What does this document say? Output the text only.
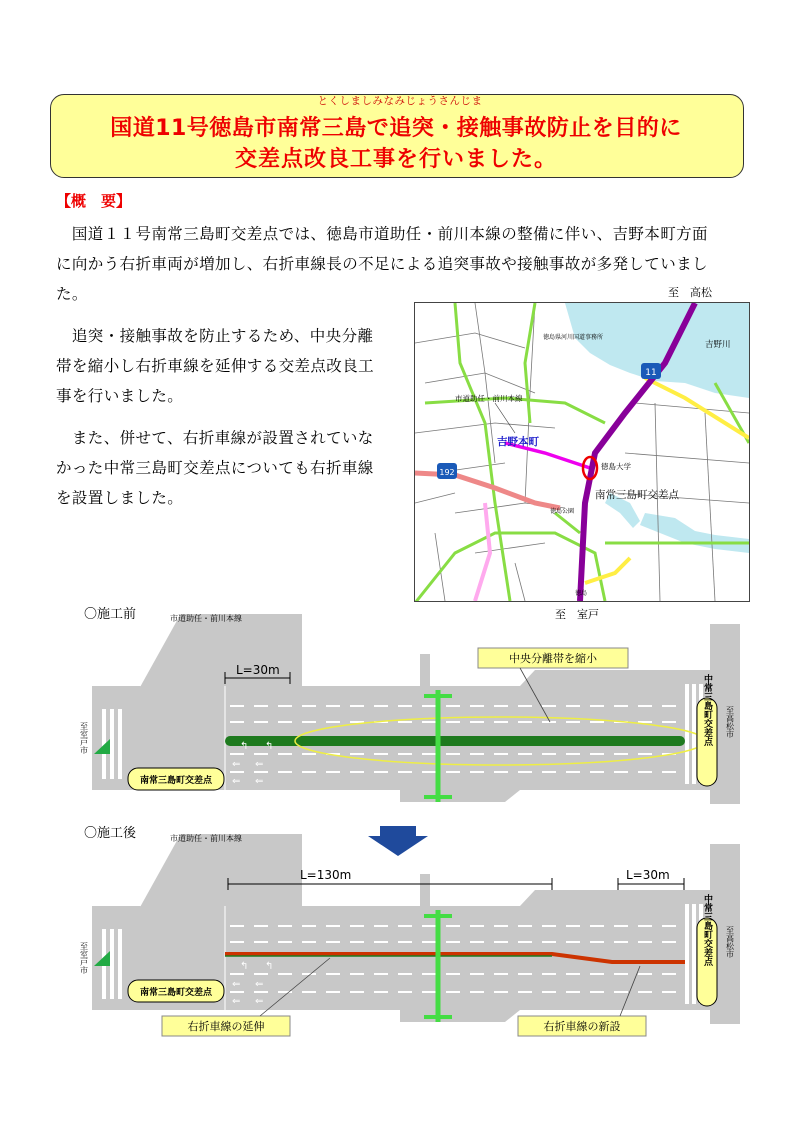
とくしましみなみじょうさんじま
国道11号徳島市南常三島で追突・接触事故防止を目的に
交差点改良工事を行いました。
【概　要】
　国道１１号南常三島町交差点では、徳島市道助任・前川本線の整備に伴い、吉野本町方面に向かう右折車両が増加し、右折車線長の不足による追突事故や接触事故が多発していました。
　追突・接触事故を防止するため、中央分離帯を縮小し右折車線を延伸する交差点改良工事を行いました。
　また、併せて、右折車線が設置されていなかった中常三島町交差点についても右折車線を設置しました。
至　高松
11
192
吉野川
市道助任・前川本線
吉野本町
徳島大学
南常三島町交差点
徳島県河川国道事務所
徳島公園
徳島
至　室戸
〇施工前
↰ ↰
⇐ ⇐
⇐ ⇐
L=30m
市道助任・前川本線
中央分離帯を縮小
南常三島町交差点
中常三島町交差点
至室戸市	至高松市
〇施工後
↰ ↰
⇐ ⇐
⇐ ⇐
L=130m	L=30m
市道助任・前川本線
右折車線の延伸	右折車線の新設
南常三島町交差点
中常三島町交差点
至室戸市	至高松市
